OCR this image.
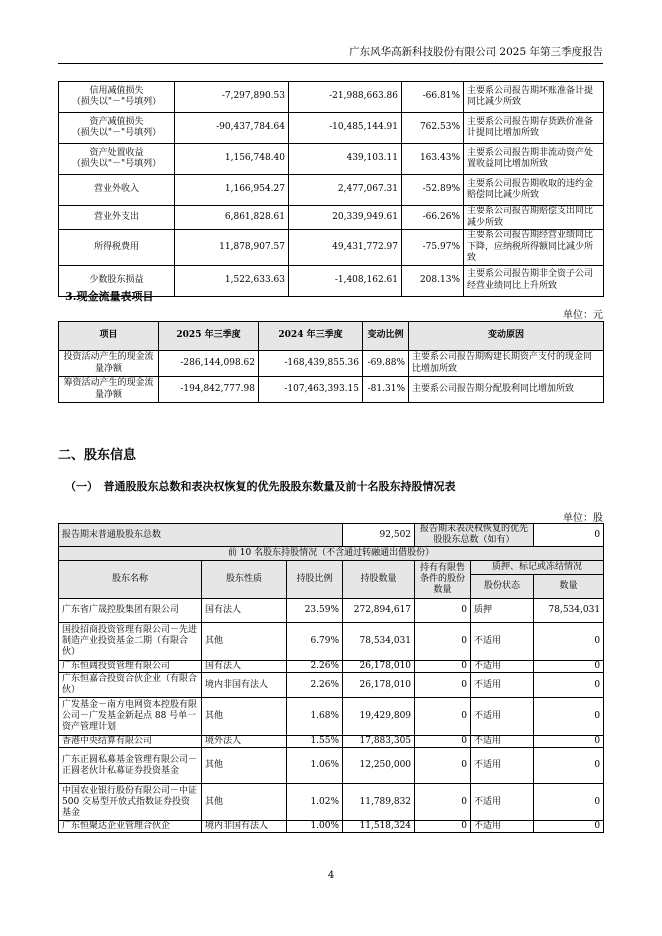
广东风华高新科技股份有限公司 2025 年第三季度报告
信用减值损失
（损失以"－"号填列）	-7,297,890.53	-21,988,663.86	-66.81%	主要系公司报告期坏账准备计提同比减少所致
资产减值损失
（损失以"－"号填列）	-90,437,784.64	-10,485,144.91	762.53%	主要系公司报告期存货跌价准备计提同比增加所致
资产处置收益
（损失以"－"号填列）	1,156,748.40	439,103.11	163.43%	主要系公司报告期非流动资产处置收益同比增加所致
营业外收入	1,166,954.27	2,477,067.31	-52.89%	主要系公司报告期收取的违约金赔偿同比减少所致
营业外支出	6,861,828.61	20,339,949.61	-66.26%	主要系公司报告期赔偿支出同比减少所致
所得税费用	11,878,907.57	49,431,772.97	-75.97%	主要系公司报告期经营业绩同比下降，应纳税所得额同比减少所致
少数股东损益	1,522,633.63	-1,408,162.61	208.13%	主要系公司报告期非全资子公司经营业绩同比上升所致
3.现金流量表项目
单位：元
项目	2025 年三季度	2024 年三季度	变动比例	变动原因
投资活动产生的现金流量净额	-286,144,098.62	-168,439,855.36	-69.88%	主要系公司报告期购建长期资产支付的现金同比增加所致
筹资活动产生的现金流量净额	-194,842,777.98	-107,463,393.15	-81.31%	主要系公司报告期分配股利同比增加所致
二、股东信息
（一）　普通股股东总数和表决权恢复的优先股股东数量及前十名股东持股情况表
单位：股
报告期末普通股股东总数			92,502	报告期末表决权恢复的优先股股东总数（如有）		0
前 10 名股东持股情况（不含通过转融通出借股份）						
股东名称	股东性质	持股比例	持股数量	持有有限售条件的股份数量	质押、标记或冻结情况	
					股份状态	数量
广东省广晟控股集团有限公司	国有法人	23.59%	272,894,617	0	质押	78,534,031
国投招商投资管理有限公司－先进制造产业投资基金二期（有限合伙）	其他	6.79%	78,534,031	0	不适用	0
广东恒阔投资管理有限公司	国有法人	2.26%	26,178,010	0	不适用	0
广东恒嘉合投资合伙企业（有限合伙）	境内非国有法人	2.26%	26,178,010	0	不适用	0
广发基金－南方电网资本控股有限公司－广发基金新起点 88 号单一资产管理计划	其他	1.68%	19,429,809	0	不适用	0
香港中央结算有限公司	境外法人	1.55%	17,883,305	0	不适用	0
广东正圆私募基金管理有限公司－正圆老伙计私募证券投资基金	其他	1.06%	12,250,000	0	不适用	0
中国农业银行股份有限公司－中证 500 交易型开放式指数证券投资基金	其他	1.02%	11,789,832	0	不适用	0
广东恒聚达企业管理合伙企	境内非国有法人	1.00%	11,518,324	0	不适用	0
4
